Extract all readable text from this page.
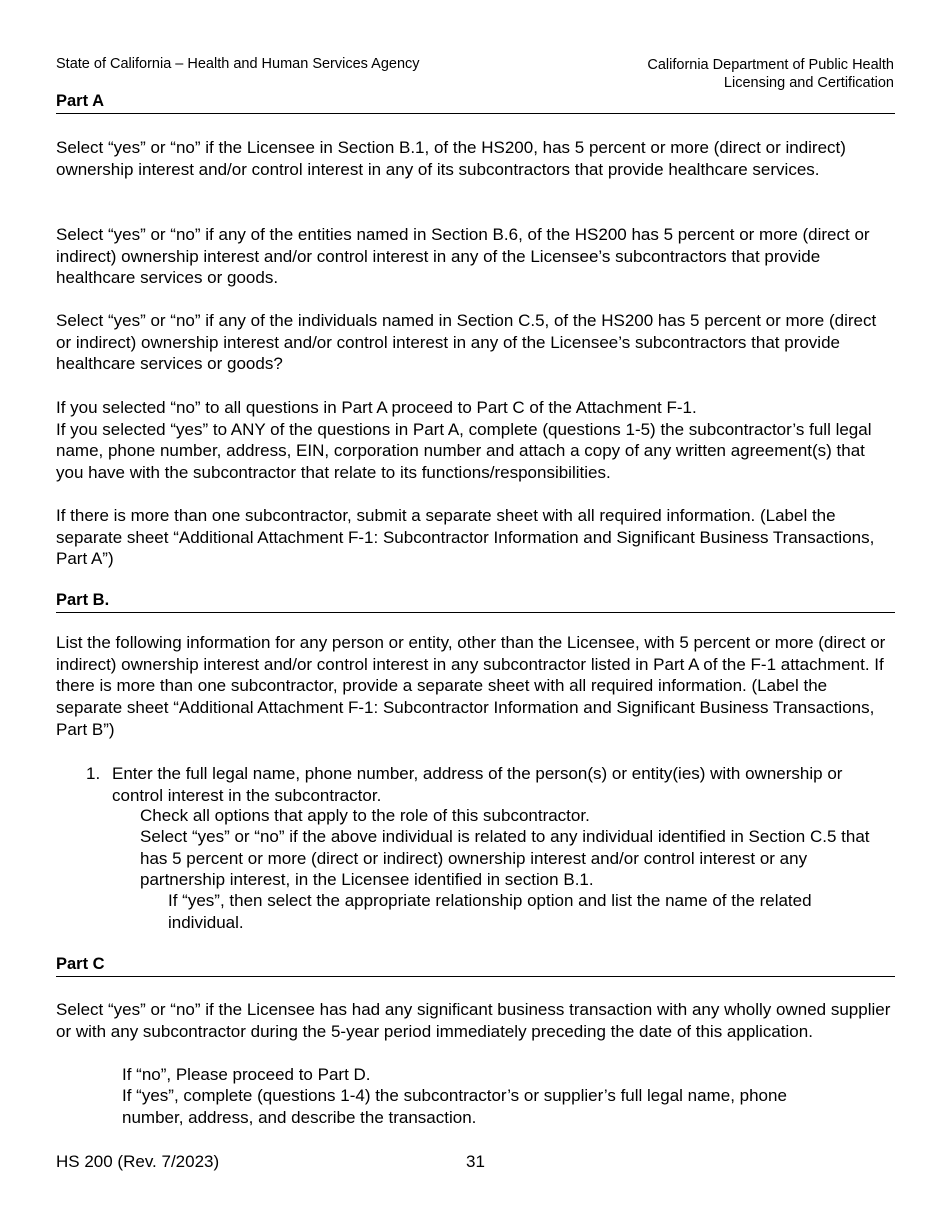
State of California – Health and Human Services Agency	California Department of Public Health
Licensing and Certification
Part A
Select “yes” or “no” if the Licensee in Section B.1, of the HS200, has 5 percent or more (direct or indirect) ownership interest and/or control interest in any of its subcontractors that provide healthcare services.
Select “yes” or “no” if any of the entities named in Section B.6, of the HS200 has 5 percent or more (direct or indirect) ownership interest and/or control interest in any of the Licensee’s subcontractors that provide healthcare services or goods.
Select “yes” or “no” if any of the individuals named in Section C.5, of the HS200 has 5 percent or more (direct or indirect) ownership interest and/or control interest in any of the Licensee’s subcontractors that provide healthcare services or goods?

If you selected “no” to all questions in Part A proceed to Part C of the Attachment F-1.

If you selected “yes” to ANY of the questions in Part A, complete (questions 1-5) the subcontractor’s full legal name, phone number, address, EIN, corporation number and attach a copy of any written agreement(s) that you have with the subcontractor that relate to its functions/responsibilities.

If there is more than one subcontractor, submit a separate sheet with all required information. (Label the separate sheet “Additional Attachment F-1: Subcontractor Information and Significant Business Transactions, Part A”)
Part B.
List the following information for any person or entity, other than the Licensee, with 5 percent or more (direct or indirect) ownership interest and/or control interest in any subcontractor listed in Part A of the F-1 attachment. If there is more than one subcontractor, provide a separate sheet with all required information. (Label the separate sheet “Additional Attachment F-1: Subcontractor Information and Significant Business Transactions, Part B”)
1. Enter the full legal name, phone number, address of the person(s) or entity(ies) with ownership or control interest in the subcontractor.
Check all options that apply to the role of this subcontractor.
Select “yes” or “no” if the above individual is related to any individual identified in Section C.5 that has 5 percent or more (direct or indirect) ownership interest and/or control interest or any partnership interest, in the Licensee identified in section B.1.
If “yes”, then select the appropriate relationship option and list the name of the related individual.
Part C
Select “yes” or “no” if the Licensee has had any significant business transaction with any wholly owned supplier or with any subcontractor during the 5-year period immediately preceding the date of this application.
If “no”, Please proceed to Part D.
If “yes”, complete (questions 1-4) the subcontractor’s or supplier’s full legal name, phone number, address, and describe the transaction.
HS 200 (Rev. 7/2023)	31
